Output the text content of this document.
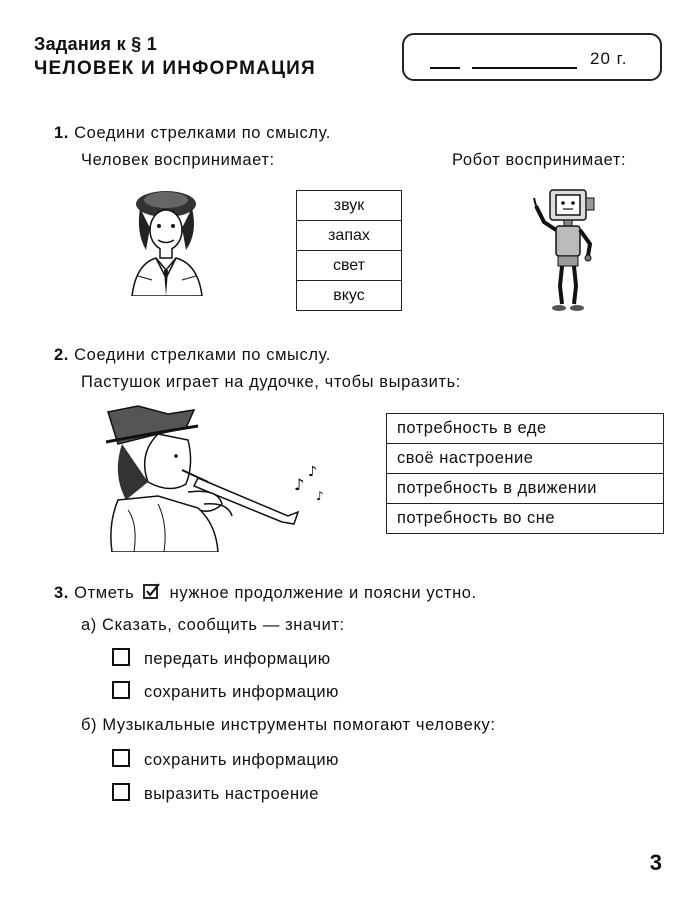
Задания к § 1
ЧЕЛОВЕК И ИНФОРМАЦИЯ	20 г.
1. Соедини стрелками по смыслу.
Человек воспринимает:	Робот воспринимает:
звук
запах
свет
вкус
2. Соедини стрелками по смыслу.
Пастушок играет на дудочке, чтобы выразить:
♪
♪
♪
потребность в еде
своё настроение
потребность в движении
потребность во сне
3. Отметь нужное продолжение и поясни устно.
а) Сказать, сообщить — значит:
передать информацию
сохранить информацию
б) Музыкальные инструменты помогают человеку:
сохранить информацию
выразить настроение
3
